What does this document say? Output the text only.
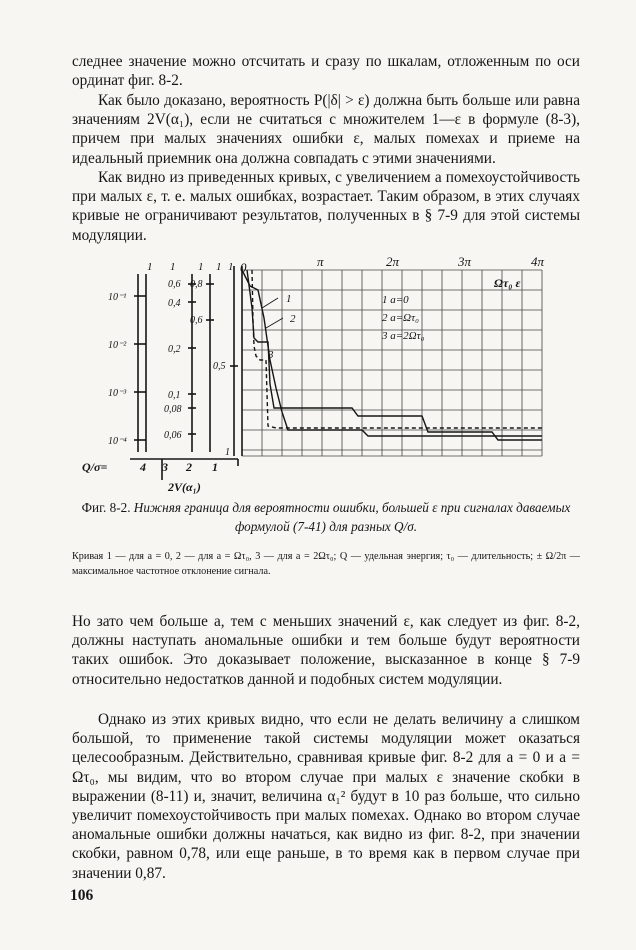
следнее значение можно отсчитать и сразу по шкалам, отложенным по оси ординат фиг. 8-2.

Как было доказано, вероятность P(|δ| > ε) должна быть больше или равна значениям 2V(α₁), если не считаться с множителем 1—ε в формуле (8-3), причем при малых значениях ошибки ε, малых помехах и приеме на идеальный приемник она должна совпадать с этими значениями.

Как видно из приведенных кривых, с увеличением a помехоустойчивость при малых ε, т. е. малых ошибках, возрастает. Таким образом, в этих случаях кривые не ограничивают результатов, полученных в § 7-9 для этой системы модуляции.

0	π	2π	3π	4π
Ωτ₀ ε
1 1 1 1 1
10⁻¹
10⁻²
10⁻³
10⁻⁴
0,6
0,4
0,2
0,1
0,08
0,06
0,8
0,6
0,5
1
Q/σ=	4 3 2 1
2V(α₁)
1
2
3
1 a=0
2 a=Ωτ₀
3 a=2Ωτ₀

Фиг. 8-2. Нижняя граница для вероятности ошибки, большей ε при сигналах даваемых формулой (7-41) для разных Q/σ.

Кривая 1 — для a = 0, 2 — для a = Ωτ₀, 3 — для a = 2Ωτ₀; Q — удельная энергия; τ₀ — длительность; ± Ω/2π — максимальное частотное отклонение сигнала.

Но зато чем больше a, тем с меньших значений ε, как следует из фиг. 8-2, должны наступать аномальные ошибки и тем больше будут вероятности таких ошибок. Это доказывает положение, высказанное в конце § 7-9 относительно недостатков данной и подобных систем модуляции.

Однако из этих кривых видно, что если не делать величину a слишком большой, то применение такой системы модуляции может оказаться целесообразным. Действительно, сравнивая кривые фиг. 8-2 для a = 0 и a = Ωτ₀, мы видим, что во втором случае при малых ε значение скобки в выражении (8-11) и, значит, величина α₁² будут в 10 раз больше, что сильно увеличит помехоустойчивость при малых помехах. Однако во втором случае аномальные ошибки должны начаться, как видно из фиг. 8-2, при значении скобки, равном 0,78, или еще раньше, в то время как в первом случае при значении 0,87.

106
